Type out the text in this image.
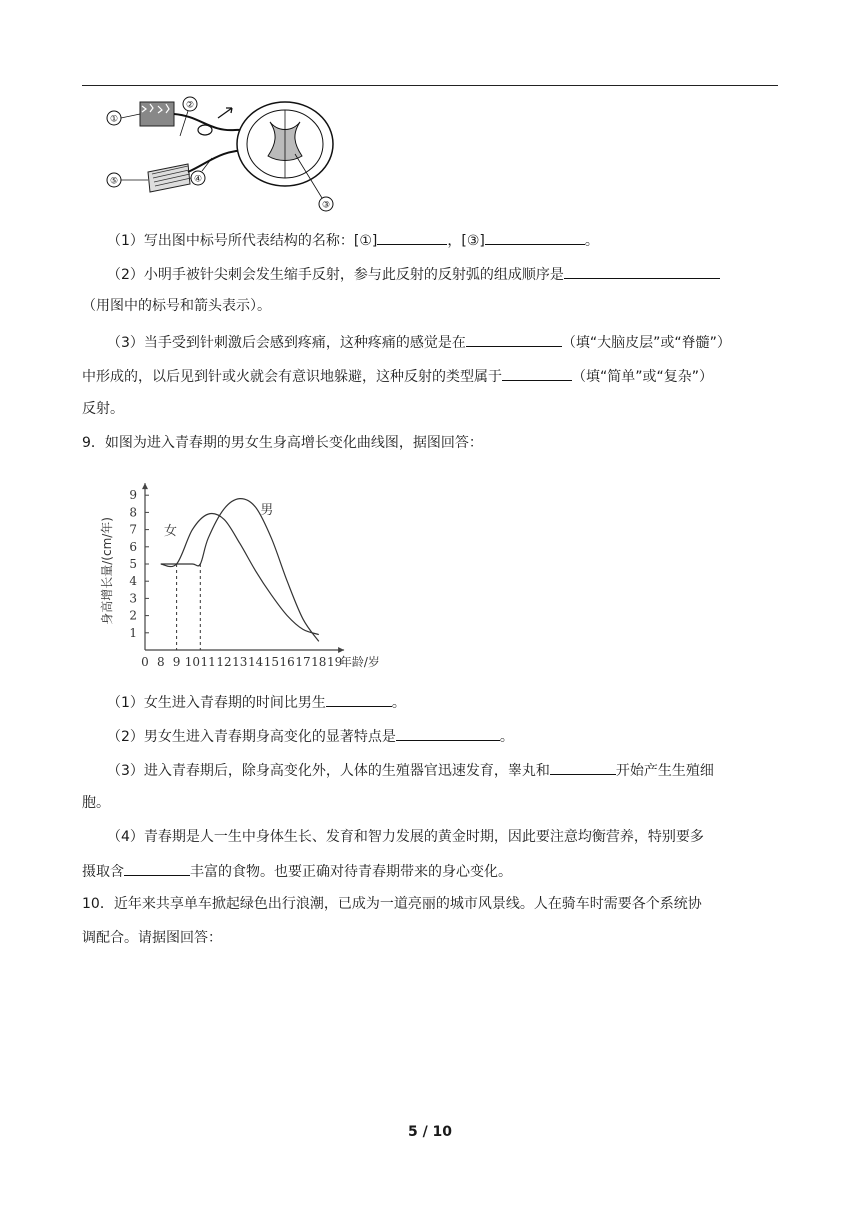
①
②
③
④
⑤
（1）写出图中标号所代表结构的名称：[①]	，[③]	。
（2）小明手被针尖刺会发生缩手反射，参与此反射的反射弧的组成顺序是
（用图中的标号和箭头表示）。
（3）当手受到针刺激后会感到疼痛，这种疼痛的感觉是在	（填“大脑皮层”或“脊髓”）
中形成的，以后见到针或火就会有意识地躲避，这种反射的类型属于	（填“简单”或“复杂”）
反射。
9．如图为进入青春期的男女生身高增长变化曲线图，据图回答：
1
2
3
4
5
6
7
8
9
0 8 9 10 11 12 13 14 15 16 17 18 19
年龄/岁
身高增长量/(cm/年)	女
男
（1）女生进入青春期的时间比男生	。
（2）男女生进入青春期身高变化的显著特点是	。
（3）进入青春期后，除身高变化外，人体的生殖器官迅速发育，睾丸和	开始产生生殖细
胞。
（4）青春期是人一生中身体生长、发育和智力发展的黄金时期，因此要注意均衡营养，特别要多
摄取含	丰富的食物。也要正确对待青春期带来的身心变化。
10．近年来共享单车掀起绿色出行浪潮，已成为一道亮丽的城市风景线。人在骑车时需要各个系统协
调配合。请据图回答：
5 / 10
